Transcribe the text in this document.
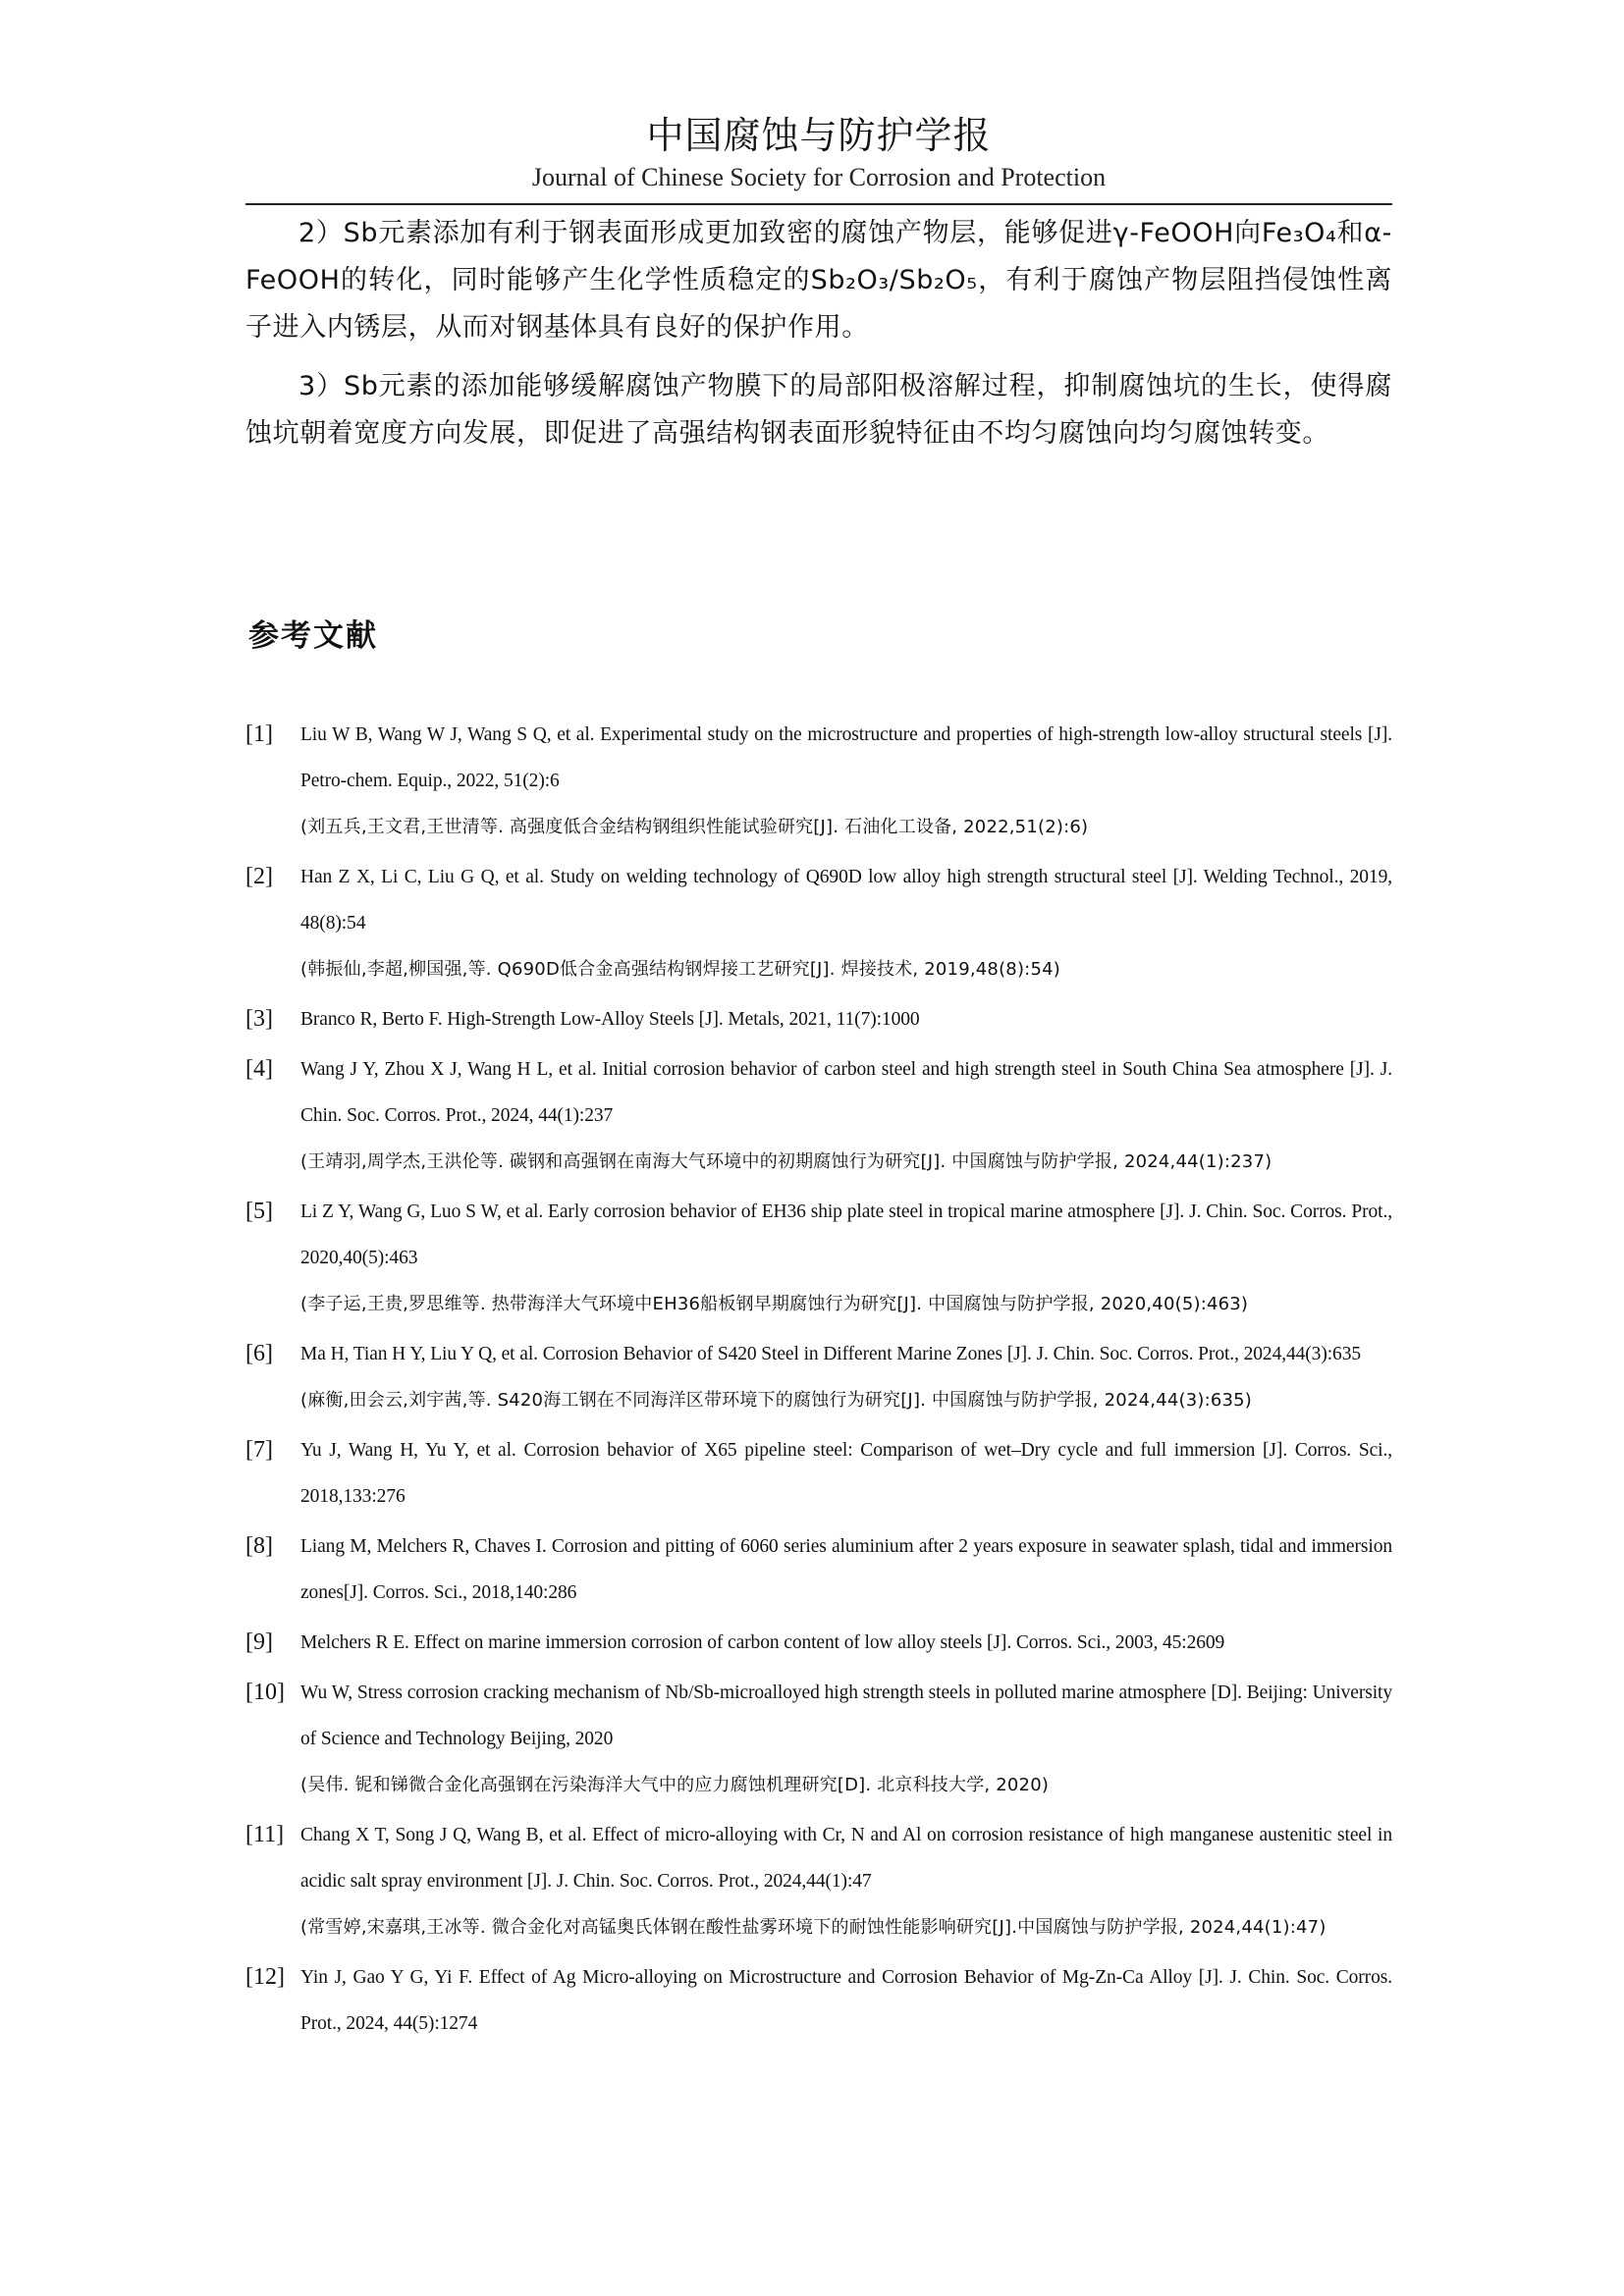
中国腐蚀与防护学报
Journal of Chinese Society for Corrosion and Protection

2）Sb元素添加有利于钢表面形成更加致密的腐蚀产物层，能够促进γ-FeOOH向Fe₃O₄和α-FeOOH的转化，同时能够产生化学性质稳定的Sb₂O₃/Sb₂O₅，有利于腐蚀产物层阻挡侵蚀性离子进入内锈层，从而对钢基体具有良好的保护作用。

3）Sb元素的添加能够缓解腐蚀产物膜下的局部阳极溶解过程，抑制腐蚀坑的生长，使得腐蚀坑朝着宽度方向发展，即促进了高强结构钢表面形貌特征由不均匀腐蚀向均匀腐蚀转变。

参考文献
[1] Liu W B, Wang W J, Wang S Q, et al. Experimental study on the microstructure and properties of high-strength low-alloy structural steels [J]. Petro-chem. Equip., 2022, 51(2):6
(刘五兵,王文君,王世清等. 高强度低合金结构钢组织性能试验研究[J]. 石油化工设备, 2022,51(2):6)
[2] Han Z X, Li C, Liu G Q, et al. Study on welding technology of Q690D low alloy high strength structural steel [J]. Welding Technol., 2019, 48(8):54
(韩振仙,李超,柳国强,等. Q690D低合金高强结构钢焊接工艺研究[J]. 焊接技术, 2019,48(8):54)
[3] Branco R, Berto F. High-Strength Low-Alloy Steels [J]. Metals, 2021, 11(7):1000
[4] Wang J Y, Zhou X J, Wang H L, et al. Initial corrosion behavior of carbon steel and high strength steel in South China Sea atmosphere [J]. J. Chin. Soc. Corros. Prot., 2024, 44(1):237
(王靖羽,周学杰,王洪伦等. 碳钢和高强钢在南海大气环境中的初期腐蚀行为研究[J]. 中国腐蚀与防护学报, 2024,44(1):237)
[5] Li Z Y, Wang G, Luo S W, et al. Early corrosion behavior of EH36 ship plate steel in tropical marine atmosphere [J]. J. Chin. Soc. Corros. Prot., 2020,40(5):463
(李子运,王贵,罗思维等. 热带海洋大气环境中EH36船板钢早期腐蚀行为研究[J]. 中国腐蚀与防护学报, 2020,40(5):463)
[6] Ma H, Tian H Y, Liu Y Q, et al. Corrosion Behavior of S420 Steel in Different Marine Zones [J]. J. Chin. Soc. Corros. Prot., 2024,44(3):635
(麻衡,田会云,刘宇茜,等. S420海工钢在不同海洋区带环境下的腐蚀行为研究[J]. 中国腐蚀与防护学报, 2024,44(3):635)
[7] Yu J, Wang H, Yu Y, et al. Corrosion behavior of X65 pipeline steel: Comparison of wet–Dry cycle and full immersion [J]. Corros. Sci., 2018,133:276
[8] Liang M, Melchers R, Chaves I. Corrosion and pitting of 6060 series aluminium after 2 years exposure in seawater splash, tidal and immersion zones[J]. Corros. Sci., 2018,140:286
[9] Melchers R E. Effect on marine immersion corrosion of carbon content of low alloy steels [J]. Corros. Sci., 2003, 45:2609
[10] Wu W, Stress corrosion cracking mechanism of Nb/Sb-microalloyed high strength steels in polluted marine atmosphere [D]. Beijing: University of Science and Technology Beijing, 2020
(吴伟. 铌和锑微合金化高强钢在污染海洋大气中的应力腐蚀机理研究[D]. 北京科技大学, 2020)
[11] Chang X T, Song J Q, Wang B, et al. Effect of micro-alloying with Cr, N and Al on corrosion resistance of high manganese austenitic steel in acidic salt spray environment [J]. J. Chin. Soc. Corros. Prot., 2024,44(1):47
(常雪婷,宋嘉琪,王冰等. 微合金化对高锰奥氏体钢在酸性盐雾环境下的耐蚀性能影响研究[J].中国腐蚀与防护学报, 2024,44(1):47)
[12] Yin J, Gao Y G, Yi F. Effect of Ag Micro-alloying on Microstructure and Corrosion Behavior of Mg-Zn-Ca Alloy [J]. J. Chin. Soc. Corros. Prot., 2024, 44(5):1274
